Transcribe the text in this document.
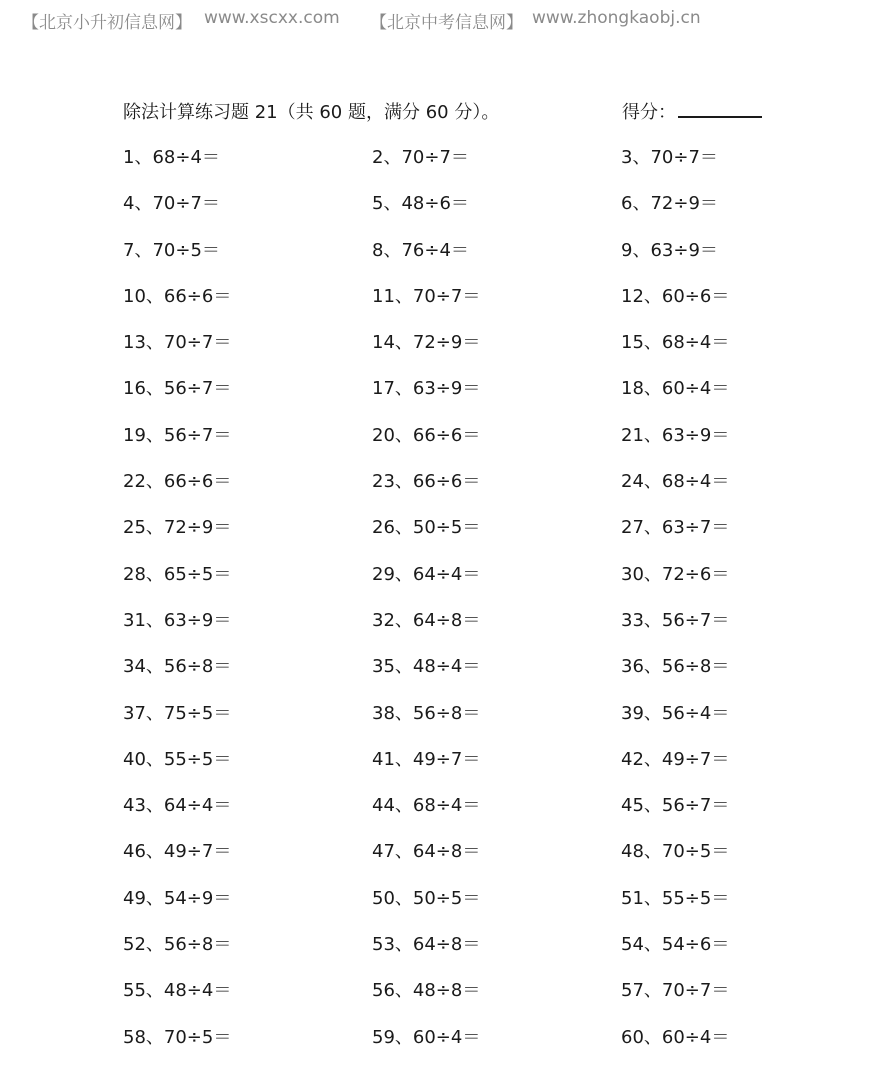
【北京小升初信息网】 www.xscxx.com 【北京中考信息网】 www.zhongkaobj.cn
除法计算练习题 21（共 60 题，满分 60 分）。	得分：
1、68÷4＝	2、70÷7＝	3、70÷7＝
4、70÷7＝	5、48÷6＝	6、72÷9＝
7、70÷5＝	8、76÷4＝	9、63÷9＝
10、66÷6＝	11、70÷7＝	12、60÷6＝
13、70÷7＝	14、72÷9＝	15、68÷4＝
16、56÷7＝	17、63÷9＝	18、60÷4＝
19、56÷7＝	20、66÷6＝	21、63÷9＝
22、66÷6＝	23、66÷6＝	24、68÷4＝
25、72÷9＝	26、50÷5＝	27、63÷7＝
28、65÷5＝	29、64÷4＝	30、72÷6＝
31、63÷9＝	32、64÷8＝	33、56÷7＝
34、56÷8＝	35、48÷4＝	36、56÷8＝
37、75÷5＝	38、56÷8＝	39、56÷4＝
40、55÷5＝	41、49÷7＝	42、49÷7＝
43、64÷4＝	44、68÷4＝	45、56÷7＝
46、49÷7＝	47、64÷8＝	48、70÷5＝
49、54÷9＝	50、50÷5＝	51、55÷5＝
52、56÷8＝	53、64÷8＝	54、54÷6＝
55、48÷4＝	56、48÷8＝	57、70÷7＝
58、70÷5＝	59、60÷4＝	60、60÷4＝
